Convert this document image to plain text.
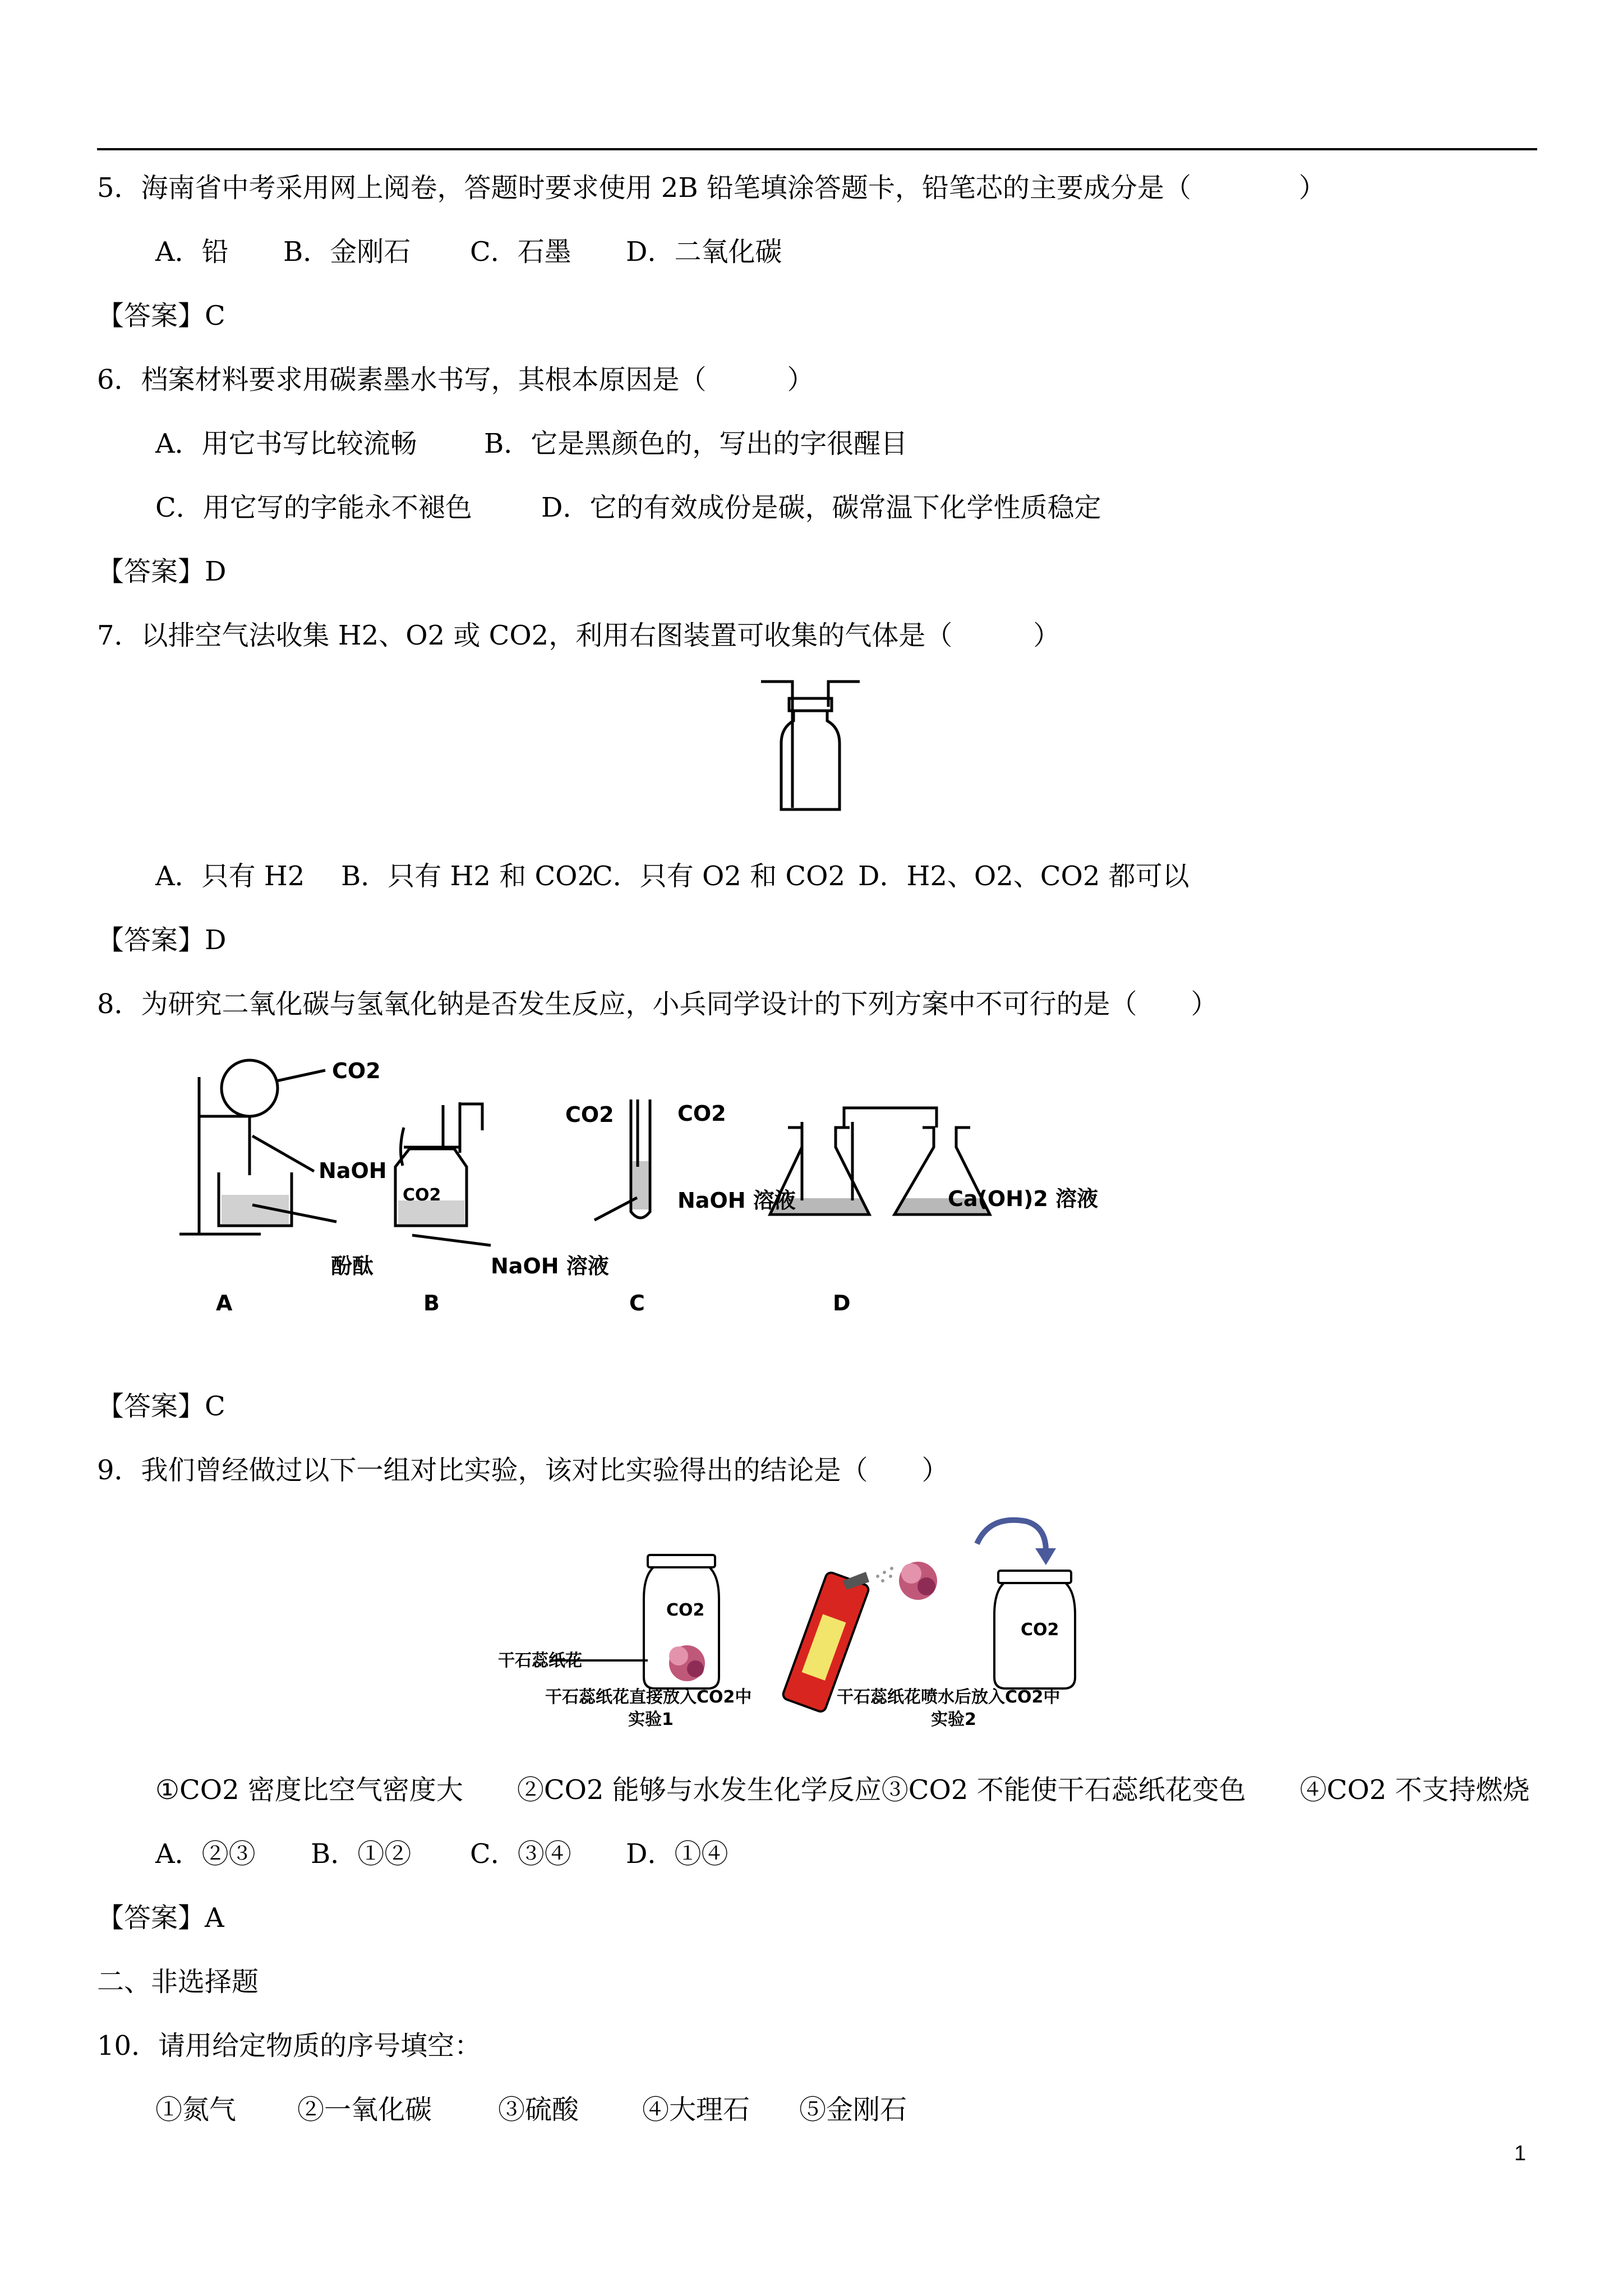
5．海南省中考采用网上阅卷，答题时要求使用 2B 铅笔填涂答题卡，铅笔芯的主要成分是（　　　　）
A．铅 B．金刚石 C．石墨 D．二氧化碳
【答案】C
6．档案材料要求用碳素墨水书写，其根本原因是（　　　）
A．用它书写比较流畅 B．它是黑颜色的，写出的字很醒目
C．用它写的字能永不褪色	D．它的有效成份是碳，碳常温下化学性质稳定
【答案】D
7．以排空气法收集 H2、O2 或 CO2，利用右图装置可收集的气体是（　　　）
A．只有 H2 B．只有 H2 和 CO2
C．只有 O2 和 CO2 D．H2、O2、CO2 都可以
【答案】D
8．为研究二氧化碳与氢氧化钠是否发生反应，小兵同学设计的下列方案中不可行的是（　　）
CO2
NaOH
酚酞
CO2
NaOH 溶液
CO2	CO2
NaOH 溶液	Ca(OH)2 溶液
A	B	C	D
【答案】C
9．我们曾经做过以下一组对比实验，该对比实验得出的结论是（　　）
CO2
CO2
干石蕊纸花
干石蕊纸花直接放入CO2中
实验1
干石蕊纸花喷水后放入CO2中
实验2
①CO2 密度比空气密度大　　②CO2 能够与水发生化学反应③CO2 不能使干石蕊纸花变色　　④CO2 不支持燃烧
A．②③ B．①② C．③④ D．①④
【答案】A
二、非选择题
10．请用给定物质的序号填空：
①氮气 ②一氧化碳 ③硫酸 ④大理石 ⑤金刚石
1
